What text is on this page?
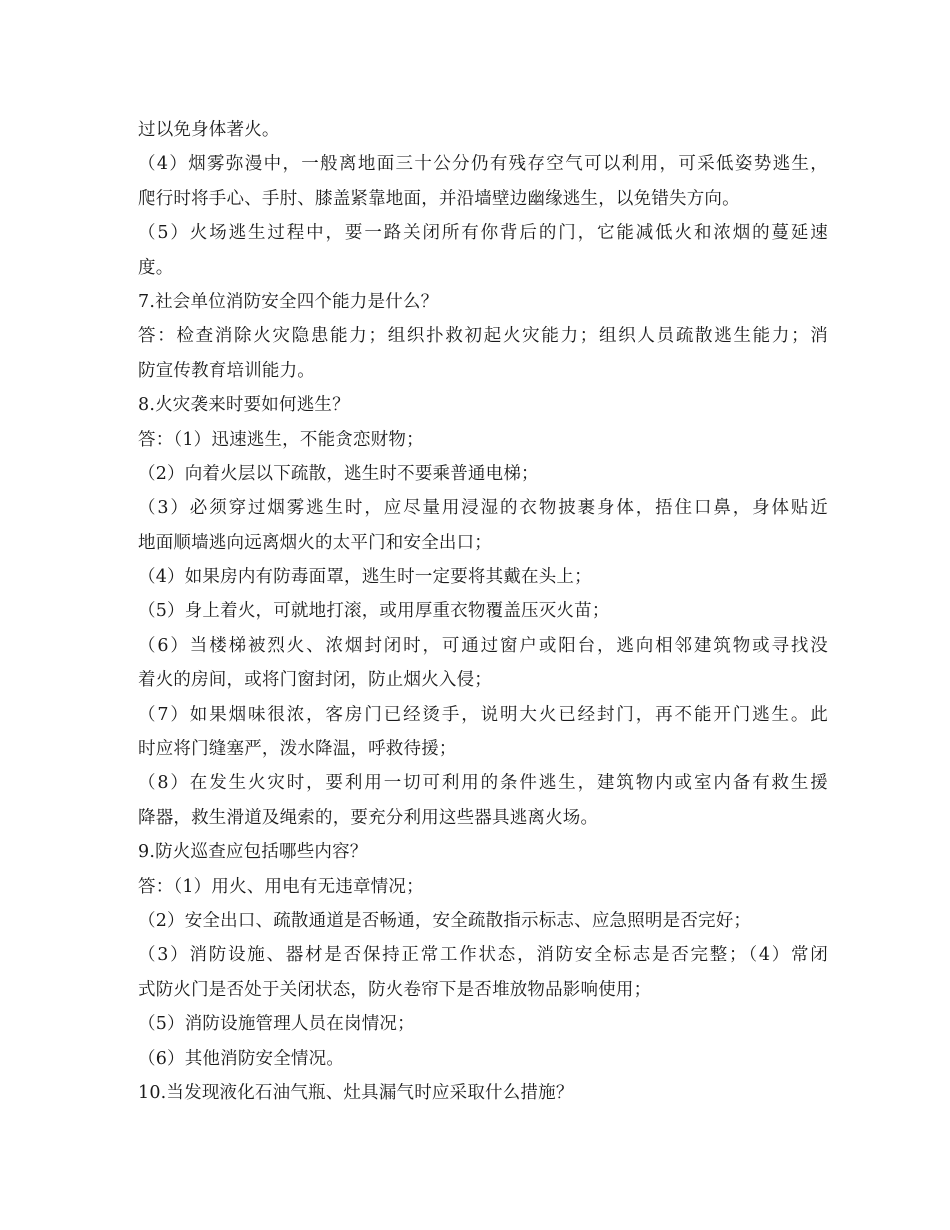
过以免身体著火。
（4）烟雾弥漫中，一般离地面三十公分仍有残存空气可以利用，可采低姿势逃生，
爬行时将手心、手肘、膝盖紧靠地面，并沿墙壁边幽缘逃生，以免错失方向。
（5）火场逃生过程中，要一路关闭所有你背后的门，它能减低火和浓烟的蔓延速
度。
7.社会单位消防安全四个能力是什么？
答：检查消除火灾隐患能力；组织扑救初起火灾能力；组织人员疏散逃生能力；消
防宣传教育培训能力。
8.火灾袭来时要如何逃生？
答：（1）迅速逃生，不能贪恋财物；
（2）向着火层以下疏散，逃生时不要乘普通电梯；
（3）必须穿过烟雾逃生时，应尽量用浸湿的衣物披裹身体，捂住口鼻，身体贴近
地面顺墙逃向远离烟火的太平门和安全出口；
（4）如果房内有防毒面罩，逃生时一定要将其戴在头上；
（5）身上着火，可就地打滚，或用厚重衣物覆盖压灭火苗；
（6）当楼梯被烈火、浓烟封闭时，可通过窗户或阳台，逃向相邻建筑物或寻找没
着火的房间，或将门窗封闭，防止烟火入侵；
（7）如果烟味很浓，客房门已经烫手，说明大火已经封门，再不能开门逃生。此
时应将门缝塞严，泼水降温，呼救待援；
（8）在发生火灾时，要利用一切可利用的条件逃生，建筑物内或室内备有救生援
降器，救生滑道及绳索的，要充分利用这些器具逃离火场。
9.防火巡查应包括哪些内容？
答：（1）用火、用电有无违章情况；
（2）安全出口、疏散通道是否畅通，安全疏散指示标志、应急照明是否完好；
（3）消防设施、器材是否保持正常工作状态，消防安全标志是否完整；（4）常闭
式防火门是否处于关闭状态，防火卷帘下是否堆放物品影响使用；
（5）消防设施管理人员在岗情况；
（6）其他消防安全情况。
10.当发现液化石油气瓶、灶具漏气时应采取什么措施？
